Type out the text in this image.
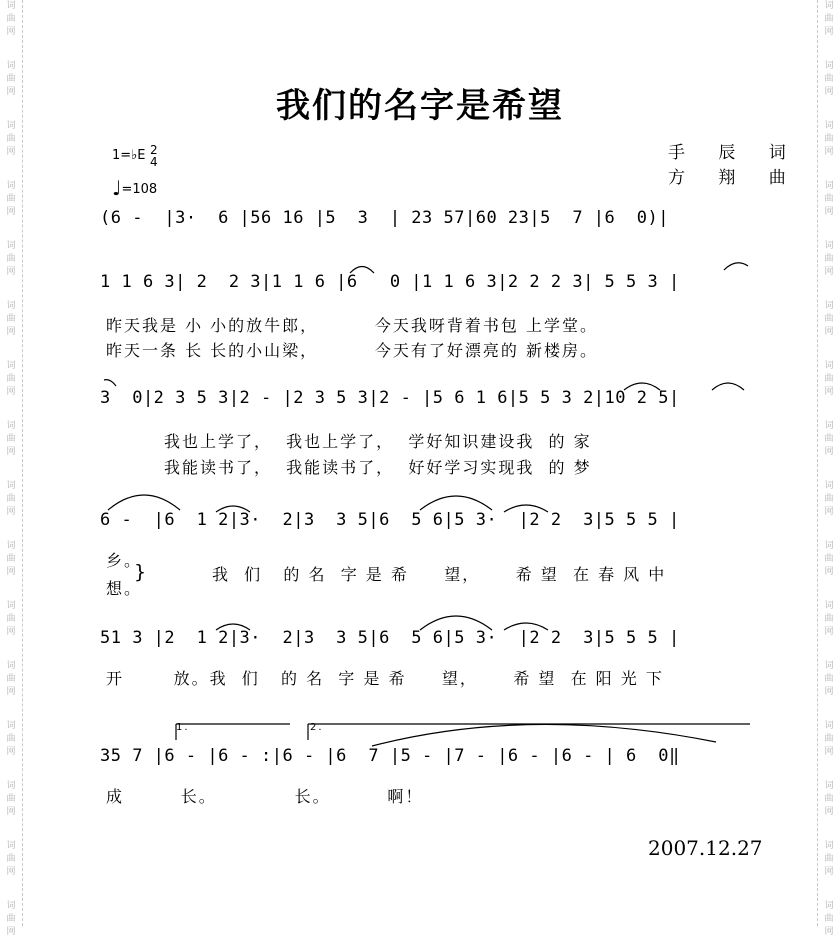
词
曲
网
词
曲
网
词
曲
网
词
曲
网
词
曲
网
词
曲
网
词
曲
网
词
曲
网
词
曲
网
词
曲
网
词
曲
网
词
曲
网
词
曲
网
词
曲
网
词
曲
网
词
曲
网
词
曲
网
词
曲
网
词
曲
网
词
曲
网
词
曲
网
词
曲
网
词
曲
网
词
曲
网
词
曲
网
词
曲
网
词
曲
网
词
曲
网
词
曲
网
词
曲
网
词
曲
网
词
曲
网
我们的名字是希望
手 辰 词
方 翔 曲
1=♭E 2
4
♩=108
(6 -  |3·  6 |56 16 |5  3  | 23 57|60 23|5  7 |6  0)|
1 1 6 3| 2  2 3|1 1 6 |6   0 |1 1 6 3|2 2 2 3| 5 5 3 |
3  0|2 3 5 3|2 - |2 3 5 3|2 - |5 6 1 6|5 5 3 2|10 2 5|
6 -  |6  1 2|3·  2|3  3 5|6  5 6|5 3·  |2 2  3|5 5 5 |
51 3 |2  1 2|3·  2|3  3 5|6  5 6|5 3·  |2 2  3|5 5 5 |
35 7 |6 - |6 - :|6 - |6  7 |5 - |7 - |6 - |6 - | 6  0‖
昨天我是 小 小的放牛郎，        今天我呀背着书包 上学堂。
昨天一条 长 长的小山梁，        今天有了好漂亮的 新楼房。
我也上学了，  我也上学了，  学好知识建设我  的 家
我能读书了，  我能读书了，  好好学习实现我  的 梦
乡。
想。
}	我  们   的 名  字 是 希     望，     希 望  在 春 风 中
开       放。我  们   的 名  字 是 希     望，     希 望  在 阳 光 下
成        长。           长。        啊！
1.	2.
2007.12.27
